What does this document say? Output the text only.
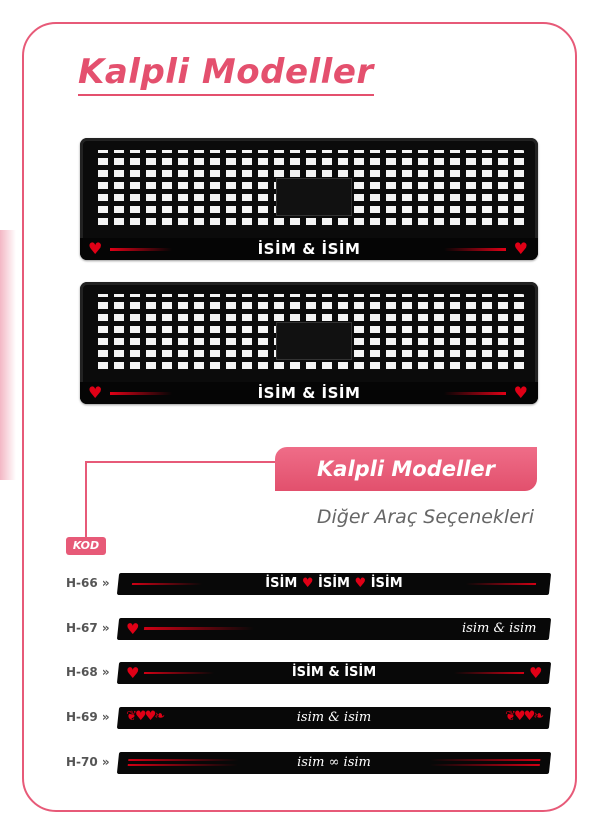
Kalpli Modeller
♥	İSİM & İSİM	♥
♥	İSİM & İSİM	♥
Kalpli Modeller
Diğer Araç Seçenekleri
KOD
H-66 »	İSİM ♥ İSİM ♥ İSİM
H-67 » ♥	isim & isim
H-68 » ♥	İSİM & İSİM	♥
H-69 » ❦♥♥❧	isim & isim	❦♥♥❧
H-70 »	isim ∞ isim
